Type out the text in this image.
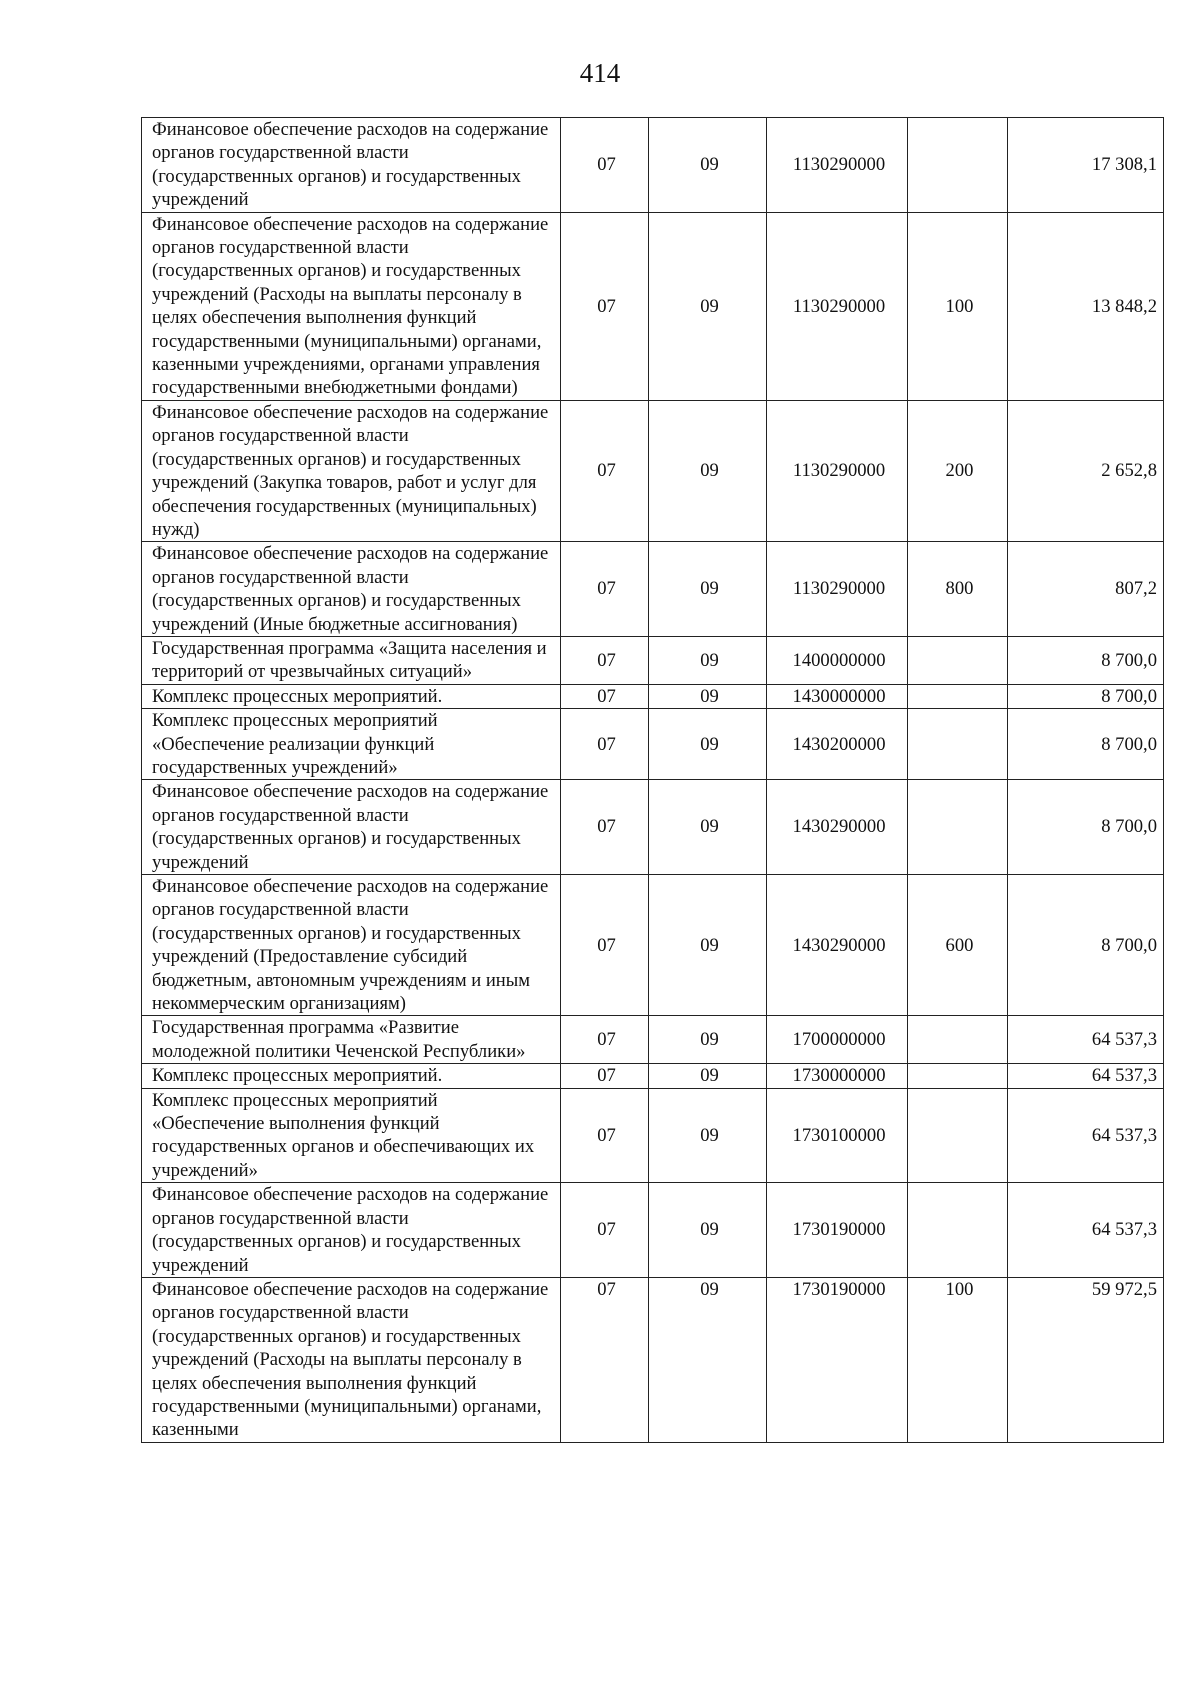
414
Финансовое обеспечение расходов на содержание органов государственной власти (государственных органов) и государственных учреждений	07	09	1130290000		17 308,1
Финансовое обеспечение расходов на содержание органов государственной власти (государственных органов) и государственных учреждений (Расходы на выплаты персоналу в целях обеспечения выполнения функций государственными (муниципальными) органами, казенными учреждениями, органами управления государственными внебюджетными фондами)	07	09	1130290000	100	13 848,2
Финансовое обеспечение расходов на содержание органов государственной власти (государственных органов) и государственных учреждений (Закупка товаров, работ и услуг для обеспечения государственных (муниципальных) нужд)	07	09	1130290000	200	2 652,8
Финансовое обеспечение расходов на содержание органов государственной власти (государственных органов) и государственных учреждений (Иные бюджетные ассигнования)	07	09	1130290000	800	807,2
Государственная программа «Защита населения и территорий от чрезвычайных ситуаций»	07	09	1400000000		8 700,0
Комплекс процессных мероприятий.	07	09	1430000000		8 700,0
Комплекс процессных мероприятий «Обеспечение реализации функций государственных учреждений»	07	09	1430200000		8 700,0
Финансовое обеспечение расходов на содержание органов государственной власти (государственных органов) и государственных учреждений	07	09	1430290000		8 700,0
Финансовое обеспечение расходов на содержание органов государственной власти (государственных органов) и государственных учреждений (Предоставление субсидий бюджетным, автономным учреждениям и иным некоммерческим организациям)	07	09	1430290000	600	8 700,0
Государственная программа «Развитие молодежной политики Чеченской Республики»	07	09	1700000000		64 537,3
Комплекс процессных мероприятий.	07	09	1730000000		64 537,3
Комплекс процессных мероприятий «Обеспечение выполнения функций государственных органов и обеспечивающих их учреждений»	07	09	1730100000		64 537,3
Финансовое обеспечение расходов на содержание органов государственной власти (государственных органов) и государственных учреждений	07	09	1730190000		64 537,3
Финансовое обеспечение расходов на содержание органов государственной власти (государственных органов) и государственных учреждений (Расходы на выплаты персоналу в целях обеспечения выполнения функций государственными (муниципальными) органами, казенными	07	09	1730190000	100	59 972,5
